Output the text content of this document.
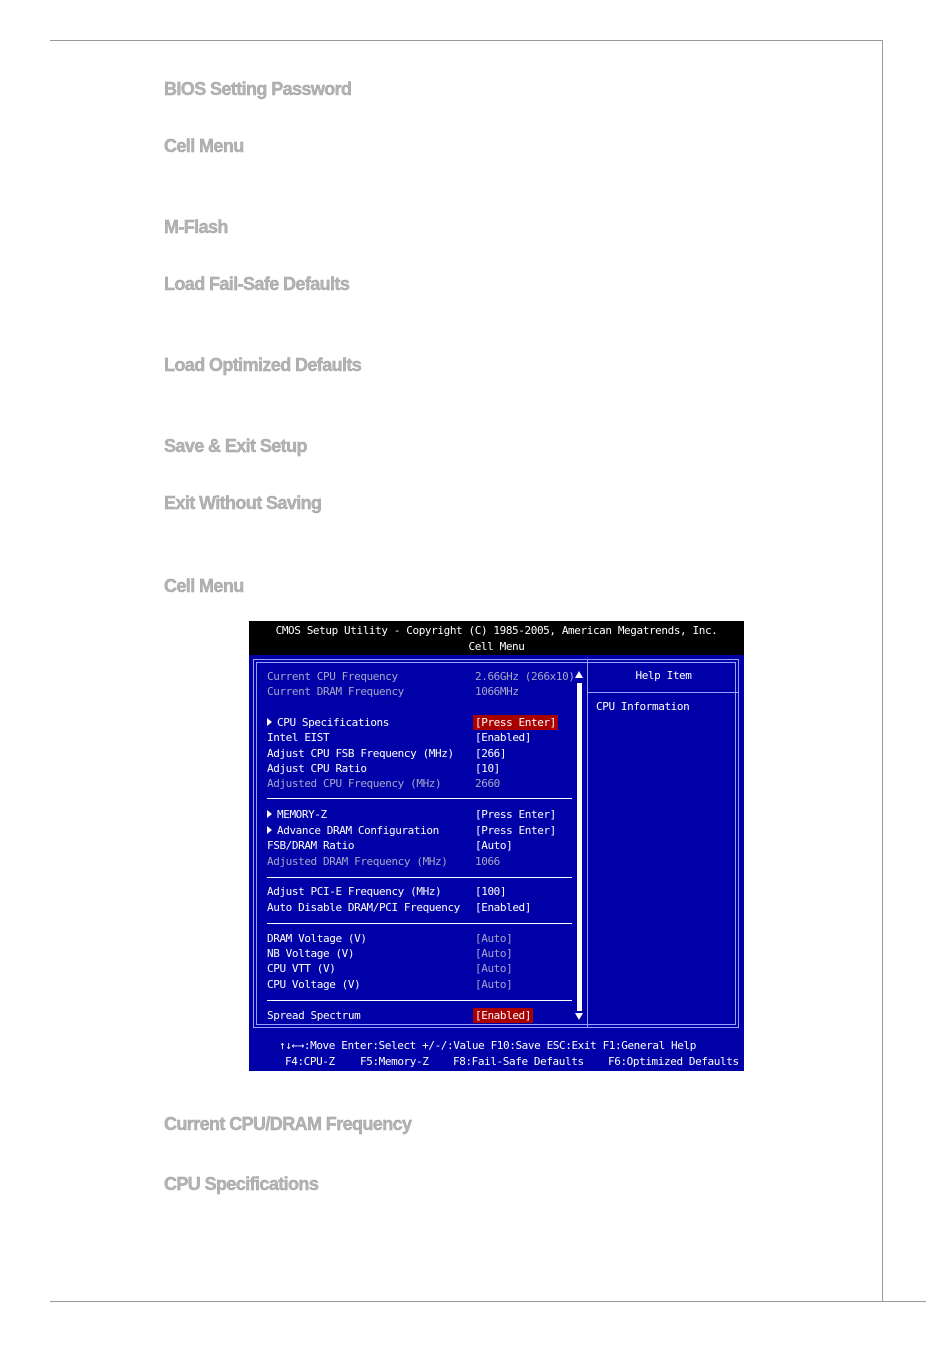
BIOS Setting Password
Cell Menu
M-Flash
Load Fail-Safe Defaults
Load Optimized Defaults
Save & Exit Setup
Exit Without Saving
Cell Menu
Current CPU/DRAM Frequency
CPU Specifications
CMOS Setup Utility - Copyright (C) 1985-2005, American Megatrends, Inc.
Cell Menu
Current CPU Frequency	2.66GHz (266x10)
Current DRAM Frequency	1066MHz
CPU Specifications	[Press Enter]
Intel EIST	[Enabled]
Adjust CPU FSB Frequency (MHz) [266]
Adjust CPU Ratio	[10]
Adjusted CPU Frequency (MHz)	2660
MEMORY-Z	[Press Enter]
Advance DRAM Configuration	[Press Enter]
FSB/DRAM Ratio	[Auto]
Adjusted DRAM Frequency (MHz)	1066
Adjust PCI-E Frequency (MHz)	[100]
Auto Disable DRAM/PCI Frequency [Enabled]
DRAM Voltage (V)	[Auto]
NB Voltage (V)	[Auto]
CPU VTT (V)	[Auto]
CPU Voltage (V)	[Auto]
Spread Spectrum	[Enabled]
Help Item
CPU Information
↑↓←→:Move Enter:Select +/-/:Value F10:Save ESC:Exit F1:General Help
F4:CPU-Z F5:Memory-Z F8:Fail-Safe Defaults F6:Optimized Defaults
